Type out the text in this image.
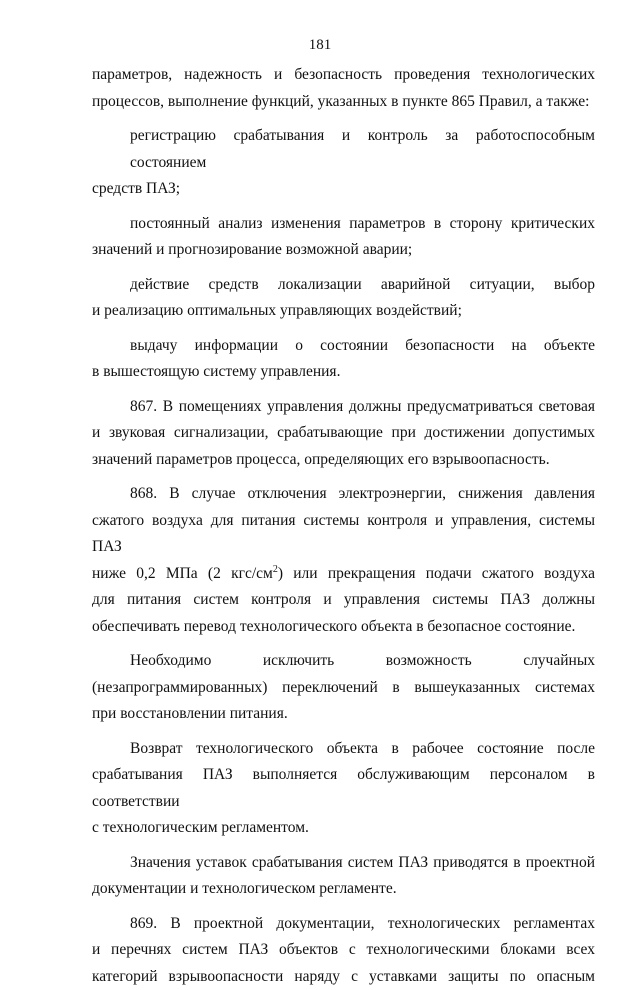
181
параметров, надежность и безопасность проведения технологических
процессов, выполнение функций, указанных в пункте 865 Правил, а также:
регистрацию срабатывания и контроль за работоспособным состоянием
средств ПАЗ;
постоянный анализ изменения параметров в сторону критических
значений и прогнозирование возможной аварии;
действие средств локализации аварийной ситуации, выбор
и реализацию оптимальных управляющих воздействий;
выдачу информации о состоянии безопасности на объекте
в вышестоящую систему управления.
867. В помещениях управления должны предусматриваться световая
и звуковая сигнализации, срабатывающие при достижении допустимых
значений параметров процесса, определяющих его взрывоопасность.
868. В случае отключения электроэнергии, снижения давления
сжатого воздуха для питания системы контроля и управления, системы ПАЗ
ниже 0,2 МПа (2 кгс/$см^2$) или прекращения подачи сжатого воздуха
для питания систем контроля и управления системы ПАЗ должны
обеспечивать перевод технологического объекта в безопасное состояние.
Необходимо исключить возможность случайных
(незапрограммированных) переключений в вышеуказанных системах
при восстановлении питания.
Возврат технологического объекта в рабочее состояние после
срабатывания ПАЗ выполняется обслуживающим персоналом в соответствии
с технологическим регламентом.
Значения уставок срабатывания систем ПАЗ приводятся в проектной
документации и технологическом регламенте.
869. В проектной документации, технологических регламентах
и перечнях систем ПАЗ объектов с технологическими блоками всех
категорий взрывоопасности наряду с уставками защиты по опасным
